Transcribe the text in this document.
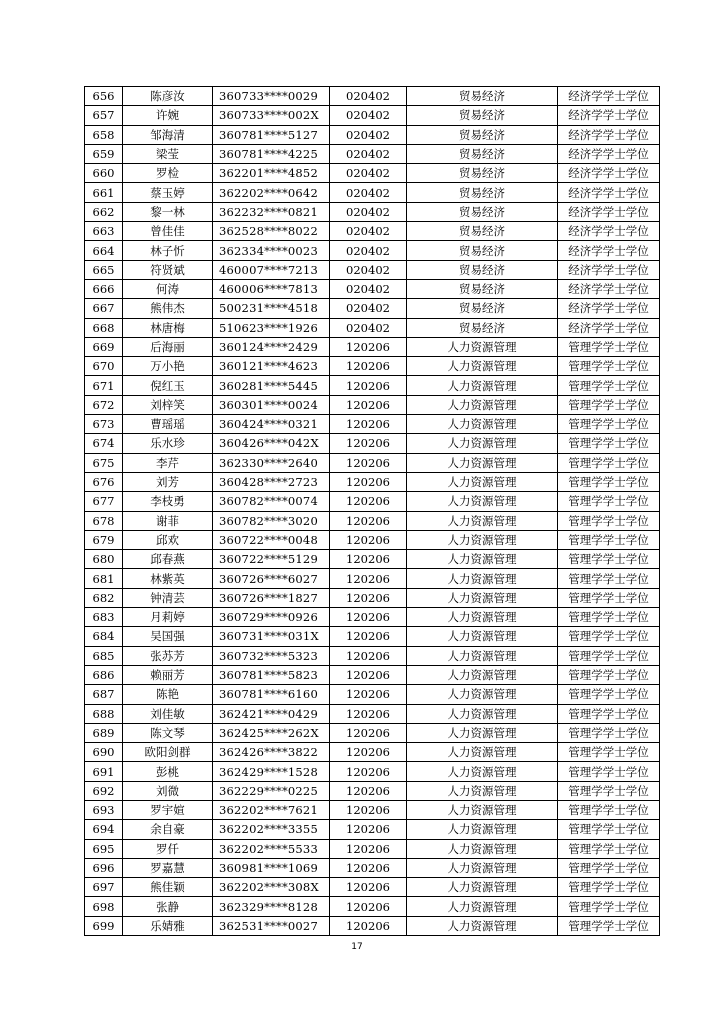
656	陈彦汝	360733****0029	020402	贸易经济	经济学学士学位
657	许婉	360733****002X	020402	贸易经济	经济学学士学位
658	邹海清	360781****5127	020402	贸易经济	经济学学士学位
659	梁莹	360781****4225	020402	贸易经济	经济学学士学位
660	罗检	362201****4852	020402	贸易经济	经济学学士学位
661	蔡玉婷	362202****0642	020402	贸易经济	经济学学士学位
662	黎一林	362232****0821	020402	贸易经济	经济学学士学位
663	曾佳佳	362528****8022	020402	贸易经济	经济学学士学位
664	林子忻	362334****0023	020402	贸易经济	经济学学士学位
665	符贤斌	460007****7213	020402	贸易经济	经济学学士学位
666	何涛	460006****7813	020402	贸易经济	经济学学士学位
667	熊伟杰	500231****4518	020402	贸易经济	经济学学士学位
668	林唐梅	510623****1926	020402	贸易经济	经济学学士学位
669	后海丽	360124****2429	120206	人力资源管理	管理学学士学位
670	万小艳	360121****4623	120206	人力资源管理	管理学学士学位
671	倪红玉	360281****5445	120206	人力资源管理	管理学学士学位
672	刘梓笑	360301****0024	120206	人力资源管理	管理学学士学位
673	曹瑶瑶	360424****0321	120206	人力资源管理	管理学学士学位
674	乐水珍	360426****042X	120206	人力资源管理	管理学学士学位
675	李芹	362330****2640	120206	人力资源管理	管理学学士学位
676	刘芳	360428****2723	120206	人力资源管理	管理学学士学位
677	李枝勇	360782****0074	120206	人力资源管理	管理学学士学位
678	谢菲	360782****3020	120206	人力资源管理	管理学学士学位
679	邱欢	360722****0048	120206	人力资源管理	管理学学士学位
680	邱春燕	360722****5129	120206	人力资源管理	管理学学士学位
681	林紫英	360726****6027	120206	人力资源管理	管理学学士学位
682	钟清芸	360726****1827	120206	人力资源管理	管理学学士学位
683	月莉婷	360729****0926	120206	人力资源管理	管理学学士学位
684	吴国强	360731****031X	120206	人力资源管理	管理学学士学位
685	张苏芳	360732****5323	120206	人力资源管理	管理学学士学位
686	赖丽芳	360781****5823	120206	人力资源管理	管理学学士学位
687	陈艳	360781****6160	120206	人力资源管理	管理学学士学位
688	刘佳敏	362421****0429	120206	人力资源管理	管理学学士学位
689	陈文琴	362425****262X	120206	人力资源管理	管理学学士学位
690	欧阳剑群	362426****3822	120206	人力资源管理	管理学学士学位
691	彭桃	362429****1528	120206	人力资源管理	管理学学士学位
692	刘微	362229****0225	120206	人力资源管理	管理学学士学位
693	罗宇媗	362202****7621	120206	人力资源管理	管理学学士学位
694	余自豪	362202****3355	120206	人力资源管理	管理学学士学位
695	罗仟	362202****5533	120206	人力资源管理	管理学学士学位
696	罗嘉慧	360981****1069	120206	人力资源管理	管理学学士学位
697	熊佳颖	362202****308X	120206	人力资源管理	管理学学士学位
698	张静	362329****8128	120206	人力资源管理	管理学学士学位
699	乐婧雅	362531****0027	120206	人力资源管理	管理学学士学位
17
